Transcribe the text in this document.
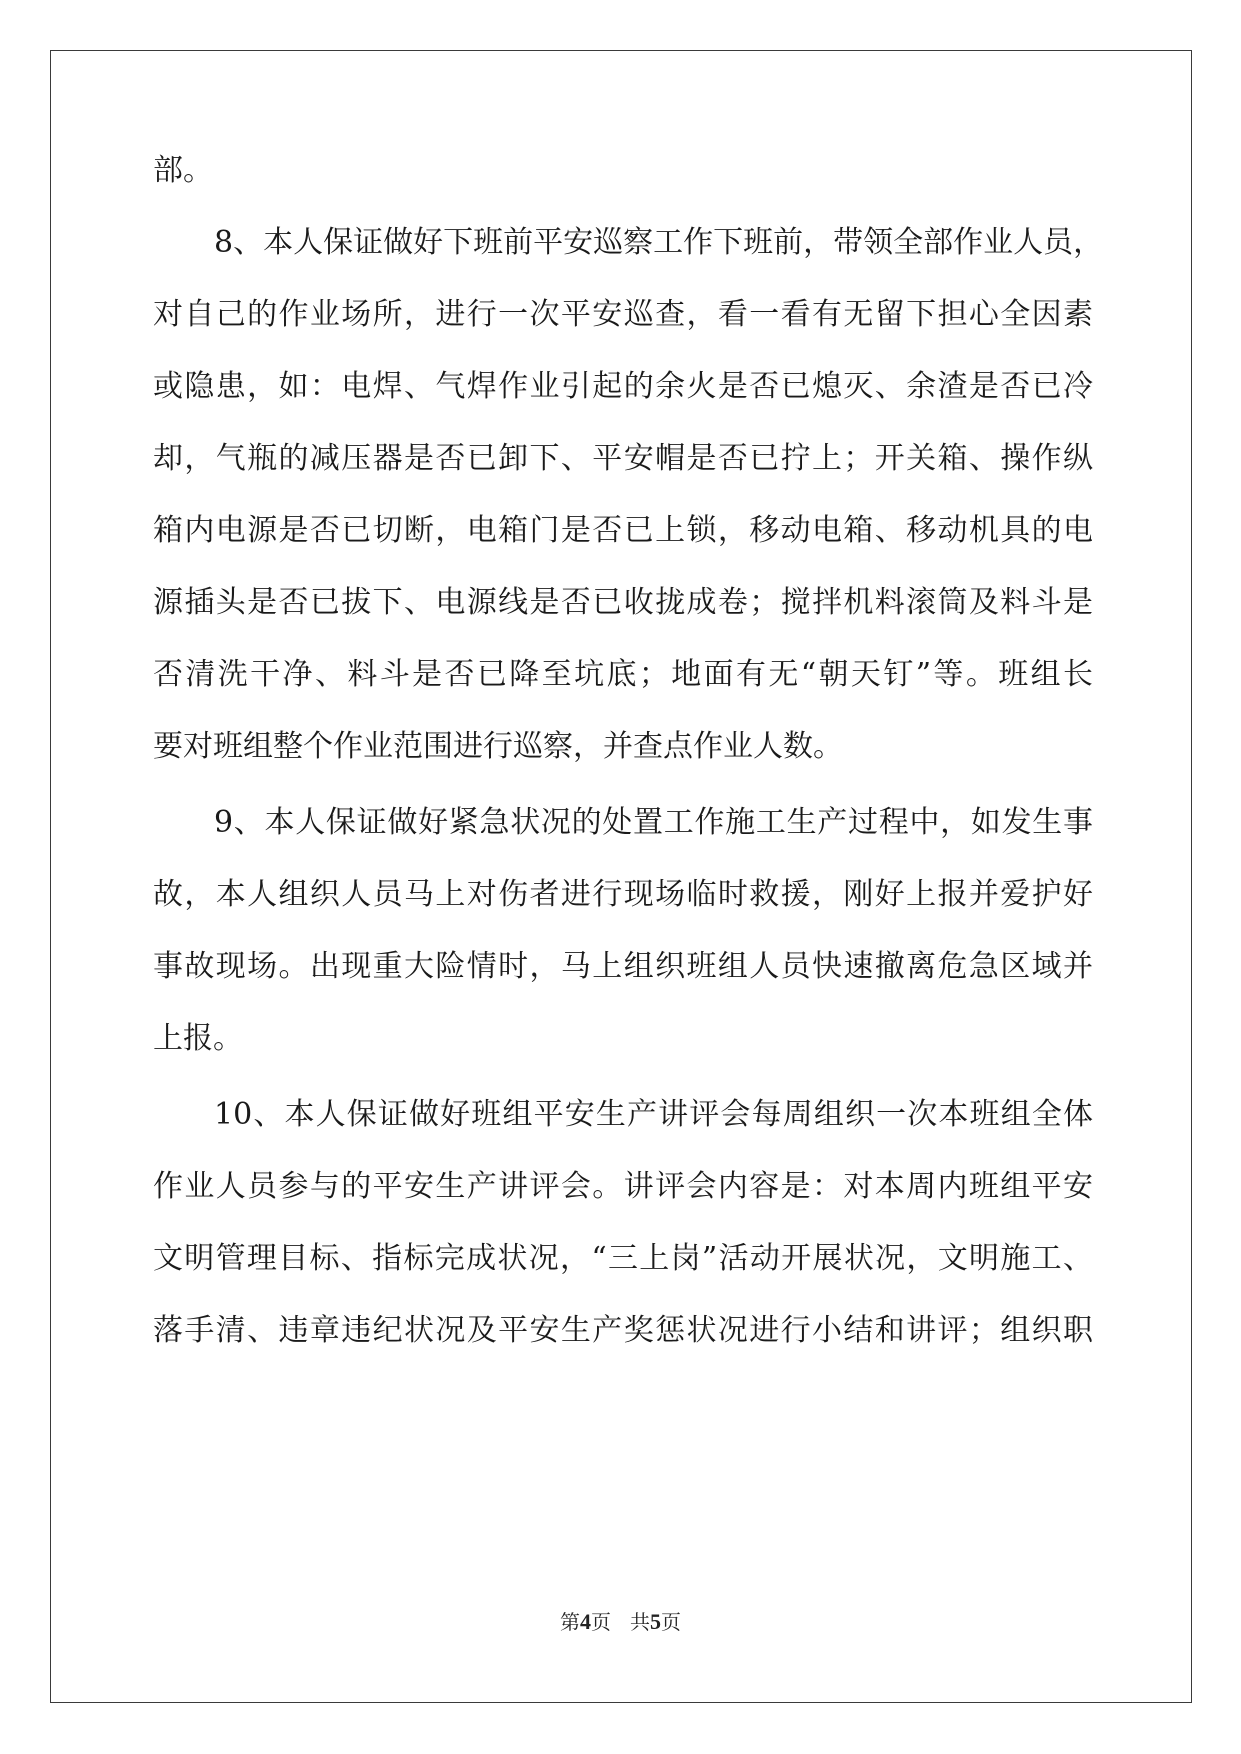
部。
8、本人保证做好下班前平安巡察工作下班前，带领全部作业人员，
对自己的作业场所，进行一次平安巡查，看一看有无留下担心全因素
或隐患，如：电焊、气焊作业引起的余火是否已熄灭、余渣是否已冷
却，气瓶的减压器是否已卸下、平安帽是否已拧上；开关箱、操作纵
箱内电源是否已切断，电箱门是否已上锁，移动电箱、移动机具的电
源插头是否已拔下、电源线是否已收拢成卷；搅拌机料滚筒及料斗是
否清洗干净、料斗是否已降至坑底；地面有无“朝天钉”等。班组长
要对班组整个作业范围进行巡察，并查点作业人数。
9、本人保证做好紧急状况的处置工作施工生产过程中，如发生事
故，本人组织人员马上对伤者进行现场临时救援，刚好上报并爱护好
事故现场。出现重大险情时，马上组织班组人员快速撤离危急区域并
上报。
10、本人保证做好班组平安生产讲评会每周组织一次本班组全体
作业人员参与的平安生产讲评会。讲评会内容是：对本周内班组平安
文明管理目标、指标完成状况，“三上岗”活动开展状况，文明施工、
落手清、违章违纪状况及平安生产奖惩状况进行小结和讲评；组织职
第4页   共5页
